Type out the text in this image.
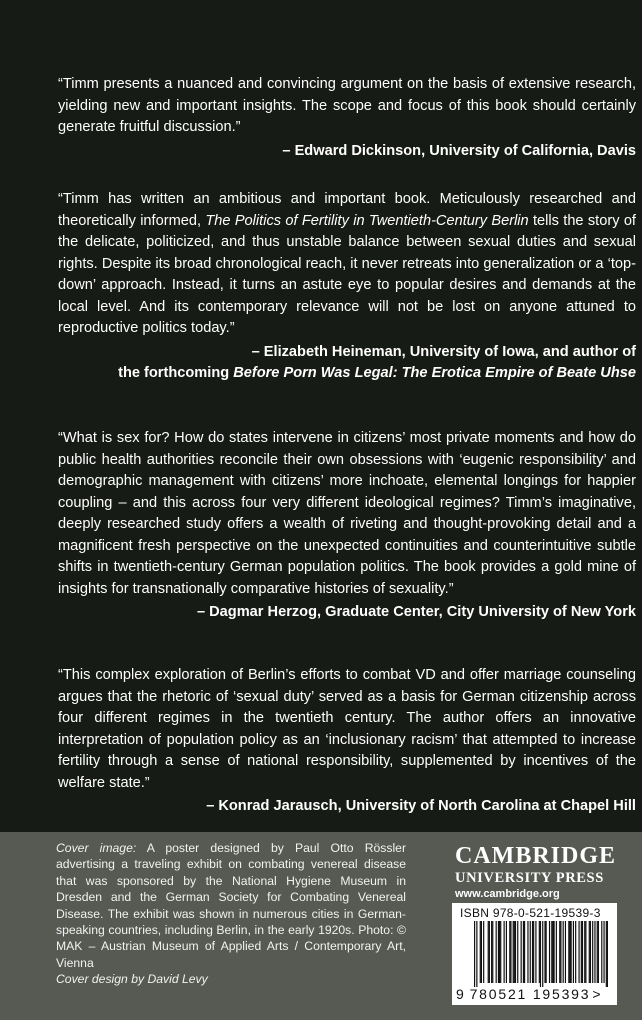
“Timm presents a nuanced and convincing argument on the basis of extensive research, yielding new and important insights. The scope and focus of this book should certainly generate fruitful discussion.”

– Edward Dickinson, University of California, Davis

“Timm has written an ambitious and important book. Meticulously researched and theoretically informed, The Politics of Fertility in Twentieth-Century Berlin tells the story of the delicate, politicized, and thus unstable balance between sexual duties and sexual rights. Despite its broad chronological reach, it never retreats into generalization or a ‘top-down’ approach. Instead, it turns an astute eye to popular desires and demands at the local level. And its contemporary relevance will not be lost on anyone attuned to reproductive politics today.”

– Elizabeth Heineman, University of Iowa, and author of
the forthcoming Before Porn Was Legal: The Erotica Empire of Beate Uhse

“What is sex for? How do states intervene in citizens’ most private moments and how do public health authorities reconcile their own obsessions with ‘eugenic responsibility’ and demographic management with citizens’ more inchoate, elemental longings for happier coupling – and this across four very different ideological regimes? Timm’s imaginative, deeply researched study offers a wealth of riveting and thought-provoking detail and a magnificent fresh perspective on the unexpected continuities and counterintuitive subtle shifts in twentieth-century German population politics. The book provides a gold mine of insights for transnationally comparative histories of sexuality.”

– Dagmar Herzog, Graduate Center, City University of New York

“This complex exploration of Berlin’s efforts to combat VD and offer marriage counseling argues that the rhetoric of ‘sexual duty’ served as a basis for German citizenship across four different regimes in the twentieth century. The author offers an innovative interpretation of population policy as an ‘inclusionary racism’ that attempted to increase fertility through a sense of national responsibility, supplemented by incentives of the welfare state.”

– Konrad Jarausch, University of North Carolina at Chapel Hill

Cover image: A poster designed by Paul Otto Rössler advertising a traveling exhibit on combating venereal disease that was sponsored by the National Hygiene Museum in Dresden and the German Society for Combating Venereal Disease. The exhibit was shown in numerous cities in German-speaking countries, including Berlin, in the early 1920s. Photo: © MAK – Austrian Museum of Applied Arts / Contemporary Art, Vienna

Cover design by David Levy

CAMBRIDGE
UNIVERSITY PRESS
www.cambridge.org
ISBN 978-0-521-19539-3
9 780521 195393 >
